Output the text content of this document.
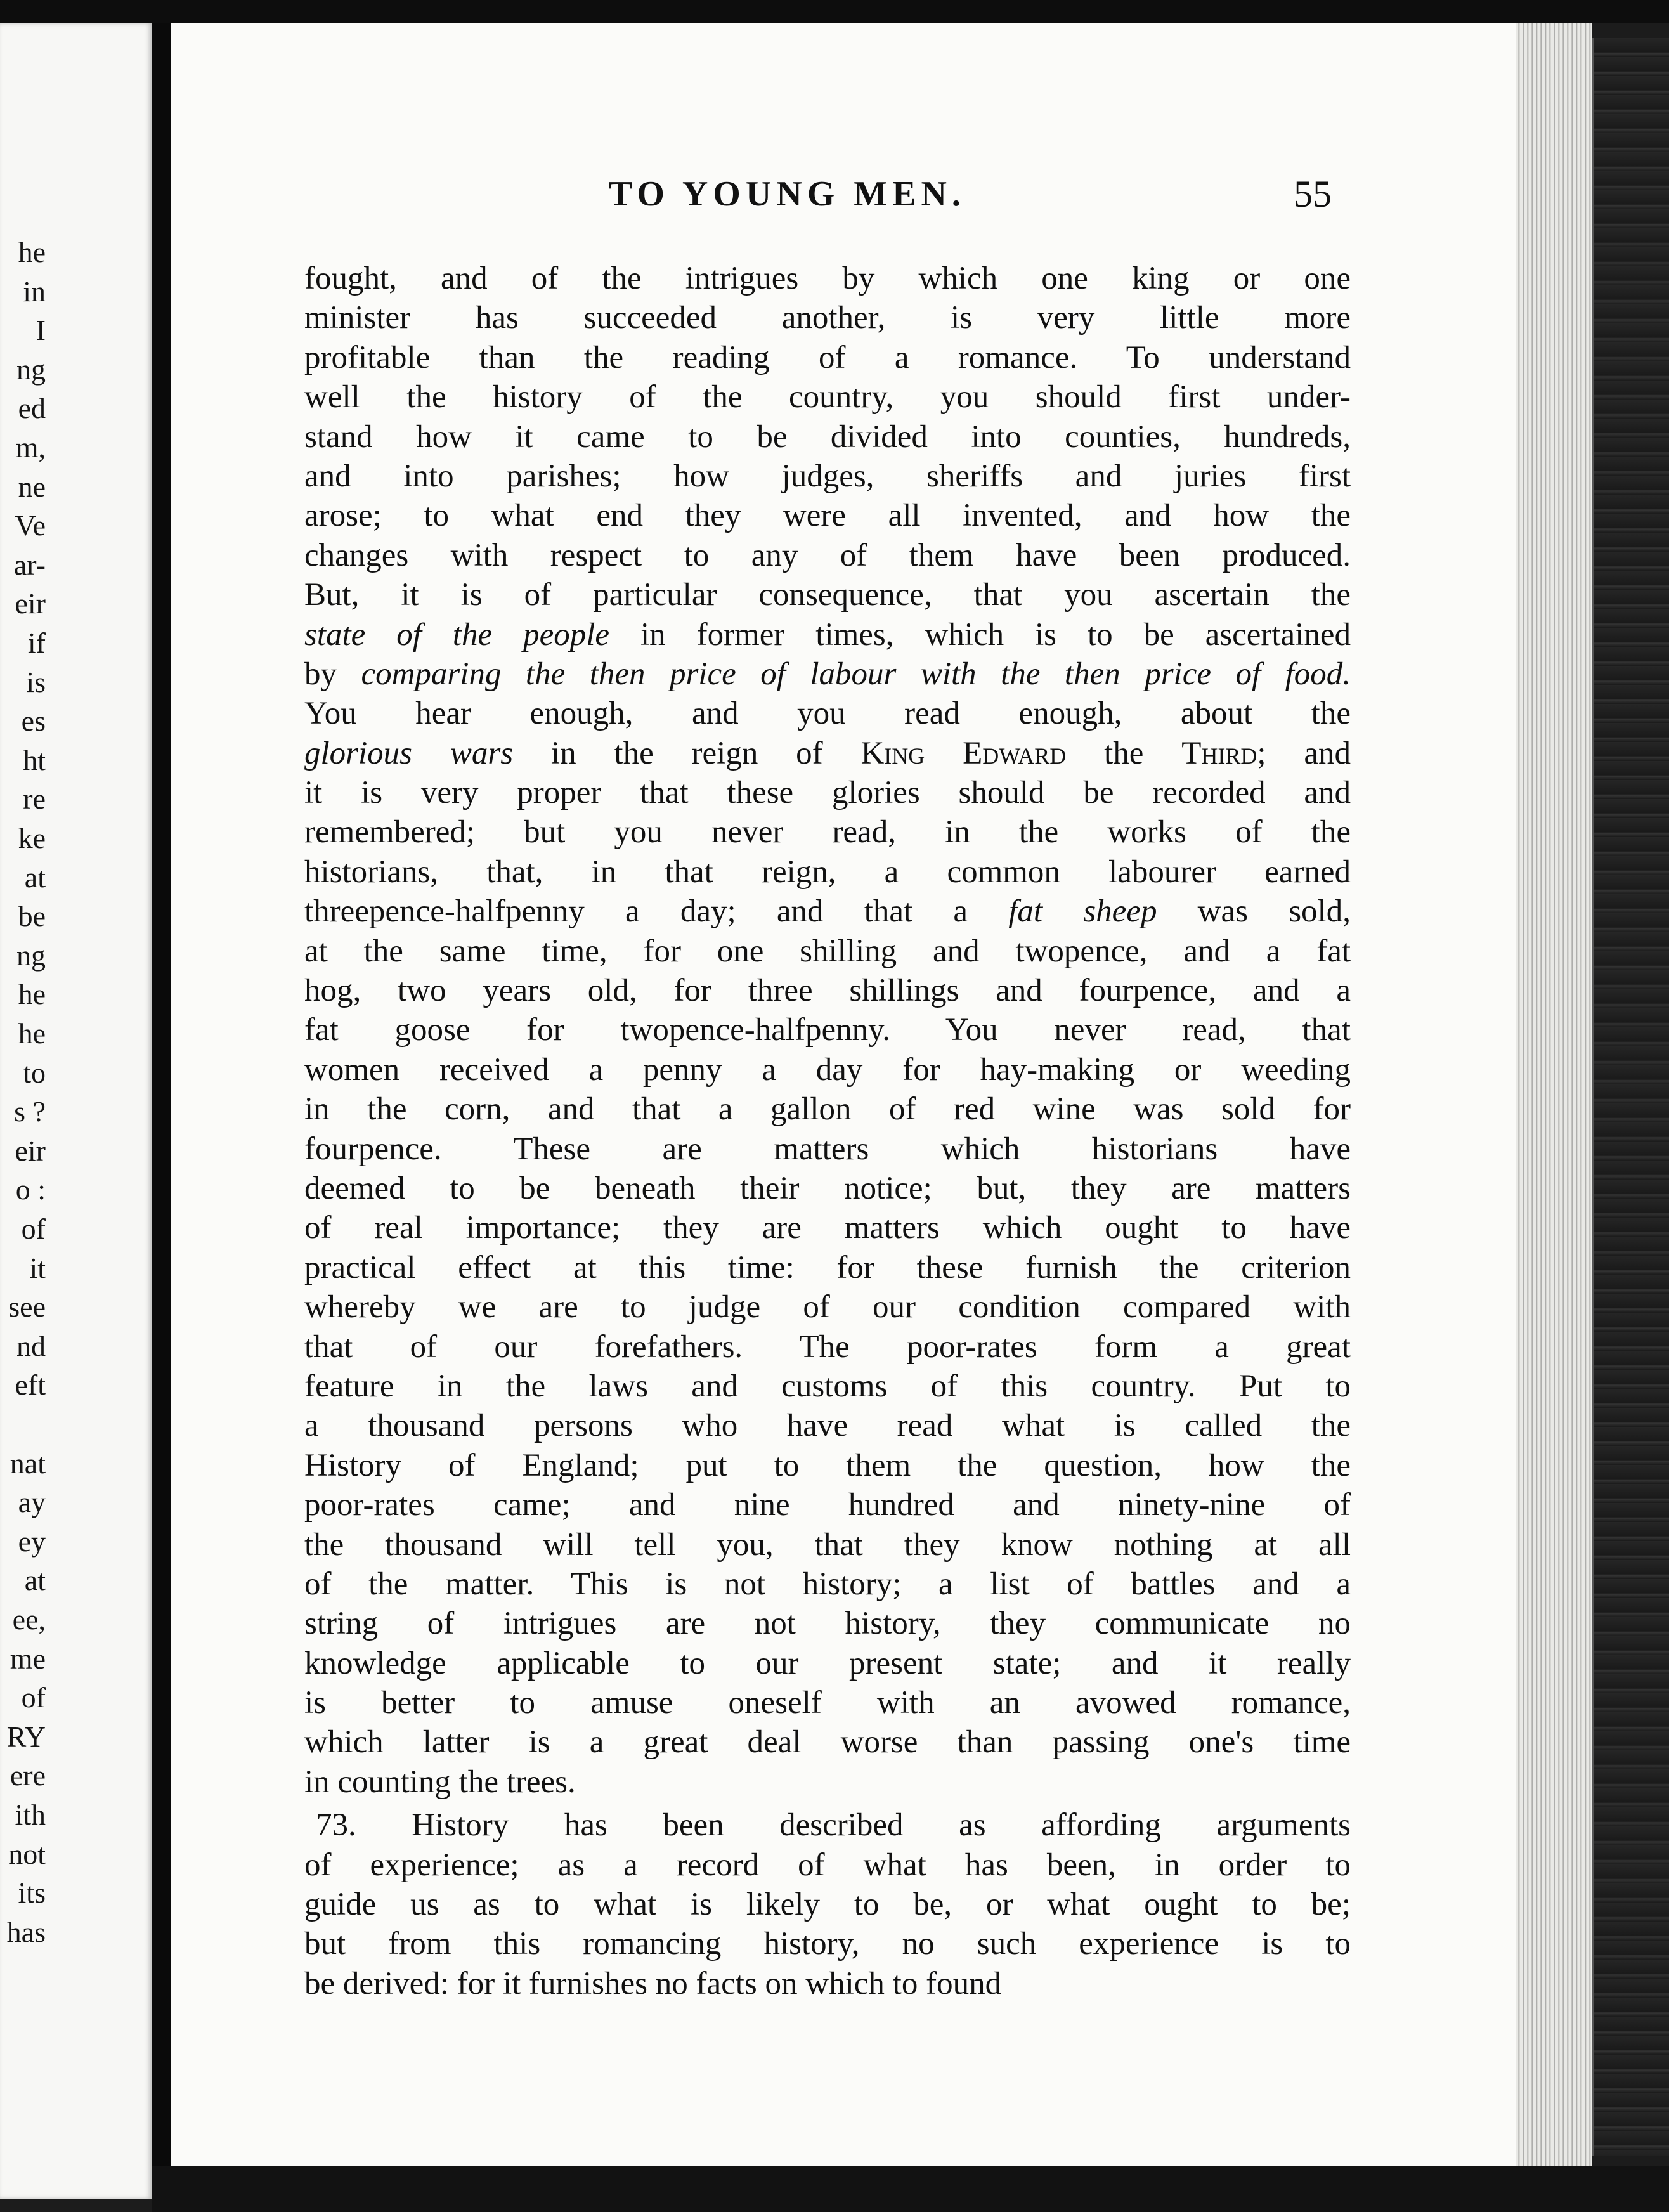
he
in
I
ng
ed
m,
ne
Ve
ar-
eir
if
is
es
ht
re
ke
at
be
ng
he
he
to
s ?
eir
o :
of
it
see
nd
eft
nat
ay
ey
at
ee,
me
of
RY
ere
ith
not
its
has
TO YOUNG MEN.	55
fought, and of the intrigues by which one king or one
minister has succeeded another, is very little more
profitable than the reading of a romance. To understand
well the history of the country, you should first under-
stand how it came to be divided into counties, hundreds,
and into parishes; how judges, sheriffs and juries first
arose; to what end they were all invented, and how the
changes with respect to any of them have been produced.
But, it is of particular consequence, that you ascertain the
state of the people in former times, which is to be ascertained
by comparing the then price of labour with the then price of food.
You hear enough, and you read enough, about the
glorious wars in the reign of King Edward the Third; and
it is very proper that these glories should be recorded and
remembered; but you never read, in the works of the
historians, that, in that reign, a common labourer earned
threepence-halfpenny a day; and that a fat sheep was sold,
at the same time, for one shilling and twopence, and a fat
hog, two years old, for three shillings and fourpence, and a
fat goose for twopence-halfpenny. You never read, that
women received a penny a day for hay-making or weeding
in the corn, and that a gallon of red wine was sold for
fourpence. These are matters which historians have
deemed to be beneath their notice; but, they are matters
of real importance; they are matters which ought to have
practical effect at this time: for these furnish the criterion
whereby we are to judge of our condition compared with
that of our forefathers. The poor-rates form a great
feature in the laws and customs of this country. Put to
a thousand persons who have read what is called the
History of England; put to them the question, how the
poor-rates came; and nine hundred and ninety-nine of
the thousand will tell you, that they know nothing at all
of the matter. This is not history; a list of battles and a
string of intrigues are not history, they communicate no
knowledge applicable to our present state; and it really
is better to amuse oneself with an avowed romance,
which latter is a great deal worse than passing one's time
in counting the trees.
73. History has been described as affording arguments
of experience; as a record of what has been, in order to
guide us as to what is likely to be, or what ought to be;
but from this romancing history, no such experience is to
be derived: for it furnishes no facts on which to found
